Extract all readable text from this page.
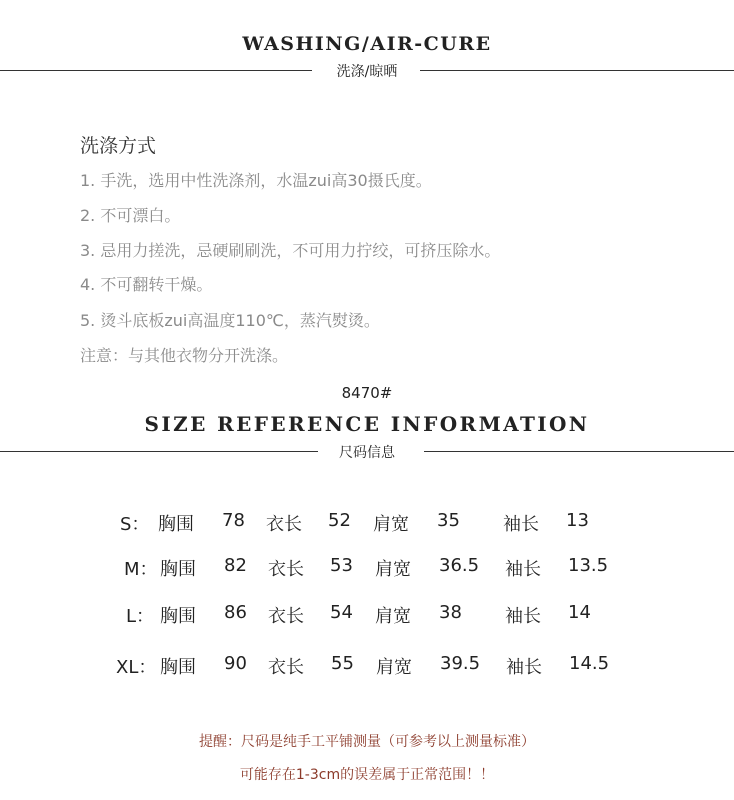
WASHING/AIR-CURE
洗涤/晾晒
洗涤方式
1. 手洗，选用中性洗涤剂，水温zui高30摄氏度。
2. 不可漂白。
3. 忌用力搓洗，忌硬刷刷洗，不可用力拧绞，可挤压除水。
4. 不可翻转干燥。
5. 烫斗底板zui高温度110℃，蒸汽熨烫。
注意：与其他衣物分开洗涤。
8470#
SIZE REFERENCE INFORMATION
尺码信息
S： 胸围 78 衣长 52 肩宽 35 袖长 13
M： 胸围 82 衣长 53 肩宽 36.5 袖长 13.5
L： 胸围 86 衣长 54 肩宽 38 袖长 14
XL： 胸围 90 衣长 55 肩宽 39.5 袖长 14.5
提醒：尺码是纯手工平铺测量（可参考以上测量标准）
可能存在1-3cm的误差属于正常范围！！
